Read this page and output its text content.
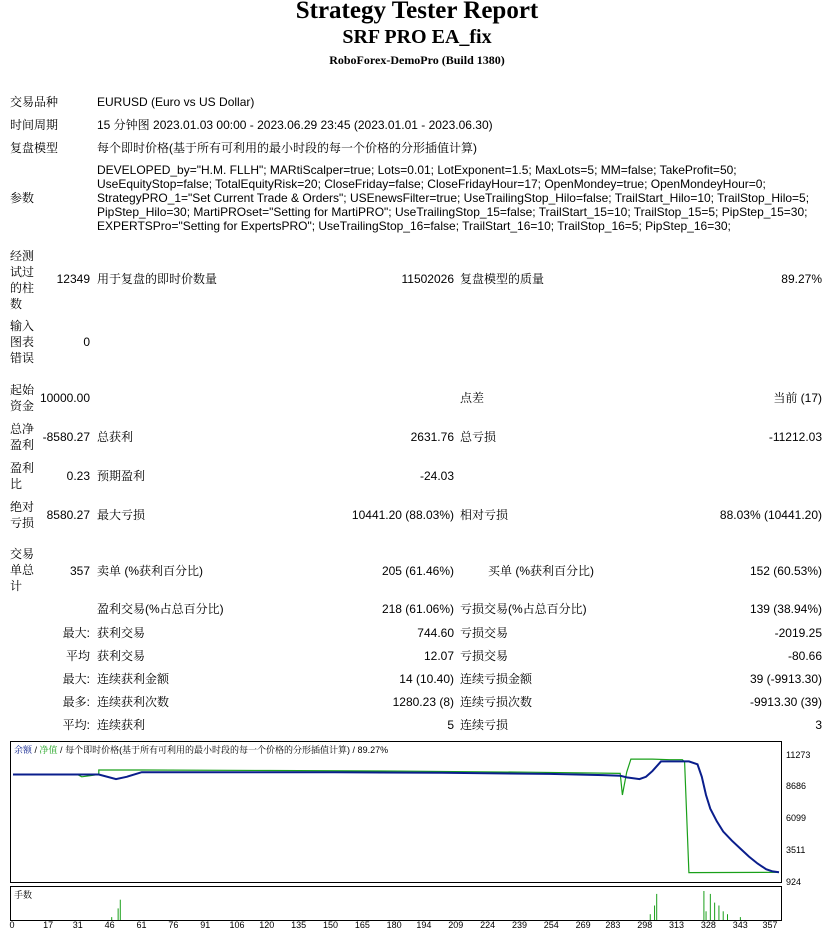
Strategy Tester Report
SRF PRO EA_fix
RoboForex-DemoPro (Build 1380)
交易品种	EURUSD (Euro vs US Dollar)
时间周期	15 分钟图 2023.01.03 00:00 - 2023.06.29 23:45 (2023.01.01 - 2023.06.30)
复盘模型	每个即时价格(基于所有可利用的最小时段的每一个价格的分形插值计算)
参数
DEVELOPED_by="H.M. FLLH"; MARtiScalper=true; Lots=0.01; LotExponent=1.5; MaxLots=5; MM=false; TakeProfit=50;
UseEquityStop=false; TotalEquityRisk=20; CloseFriday=false; CloseFridayHour=17; OpenMondey=true; OpenMondeyHour=0;
StrategyPRO_1="Set Current Trade & Orders"; USEnewsFilter=true; UseTrailingStop_Hilo=false; TrailStart_Hilo=10; TrailStop_Hilo=5;
PipStep_Hilo=30; MartiPROset="Setting for MartiPRO"; UseTrailingStop_15=false; TrailStart_15=10; TrailStop_15=5; PipStep_15=30;
EXPERTSPro="Setting for ExpertsPRO"; UseTrailingStop_16=false; TrailStart_16=10; TrailStop_16=5; PipStep_16=30;
经测
试过
的柱
数
12349 用于复盘的即时价数量	11502026 复盘模型的质量	89.27%
输入
图表
错误
0
起始
资金
10000.00	点差	当前 (17)
总净
盈利
-8580.27 总获利	2631.76 总亏损	-11212.03
盈利
比
0.23 预期盈利	-24.03
绝对
亏损
8580.27 最大亏损	10441.20 (88.03%) 相对亏损	88.03% (10441.20)
交易
单总
计
357 卖单 (%获利百分比)	205 (61.46%)	买单 (%获利百分比)	152 (60.53%)
盈利交易(%占总百分比)	218 (61.06%) 亏损交易(%占总百分比)	139 (38.94%)
最大: 获利交易	744.60 亏损交易	-2019.25
平均 获利交易	12.07 亏损交易	-80.66
最大: 连续获利金额	14 (10.40) 连续亏损金额	39 (-9913.30)
最多: 连续获利次数	1280.23 (8) 连续亏损次数	-9913.30 (39)
平均: 连续获利	5 连续亏损	3
余额 / 净值 / 每个即时价格(基于所有可利用的最小时段的每一个价格的分形插值计算) / 89.27%	11273
8686
6099
3511
924
手数
0	17 31 46 61 76 91 106 120 135 150 165 180 194 209 224 239 254 269 283 298 313 328 343 357
